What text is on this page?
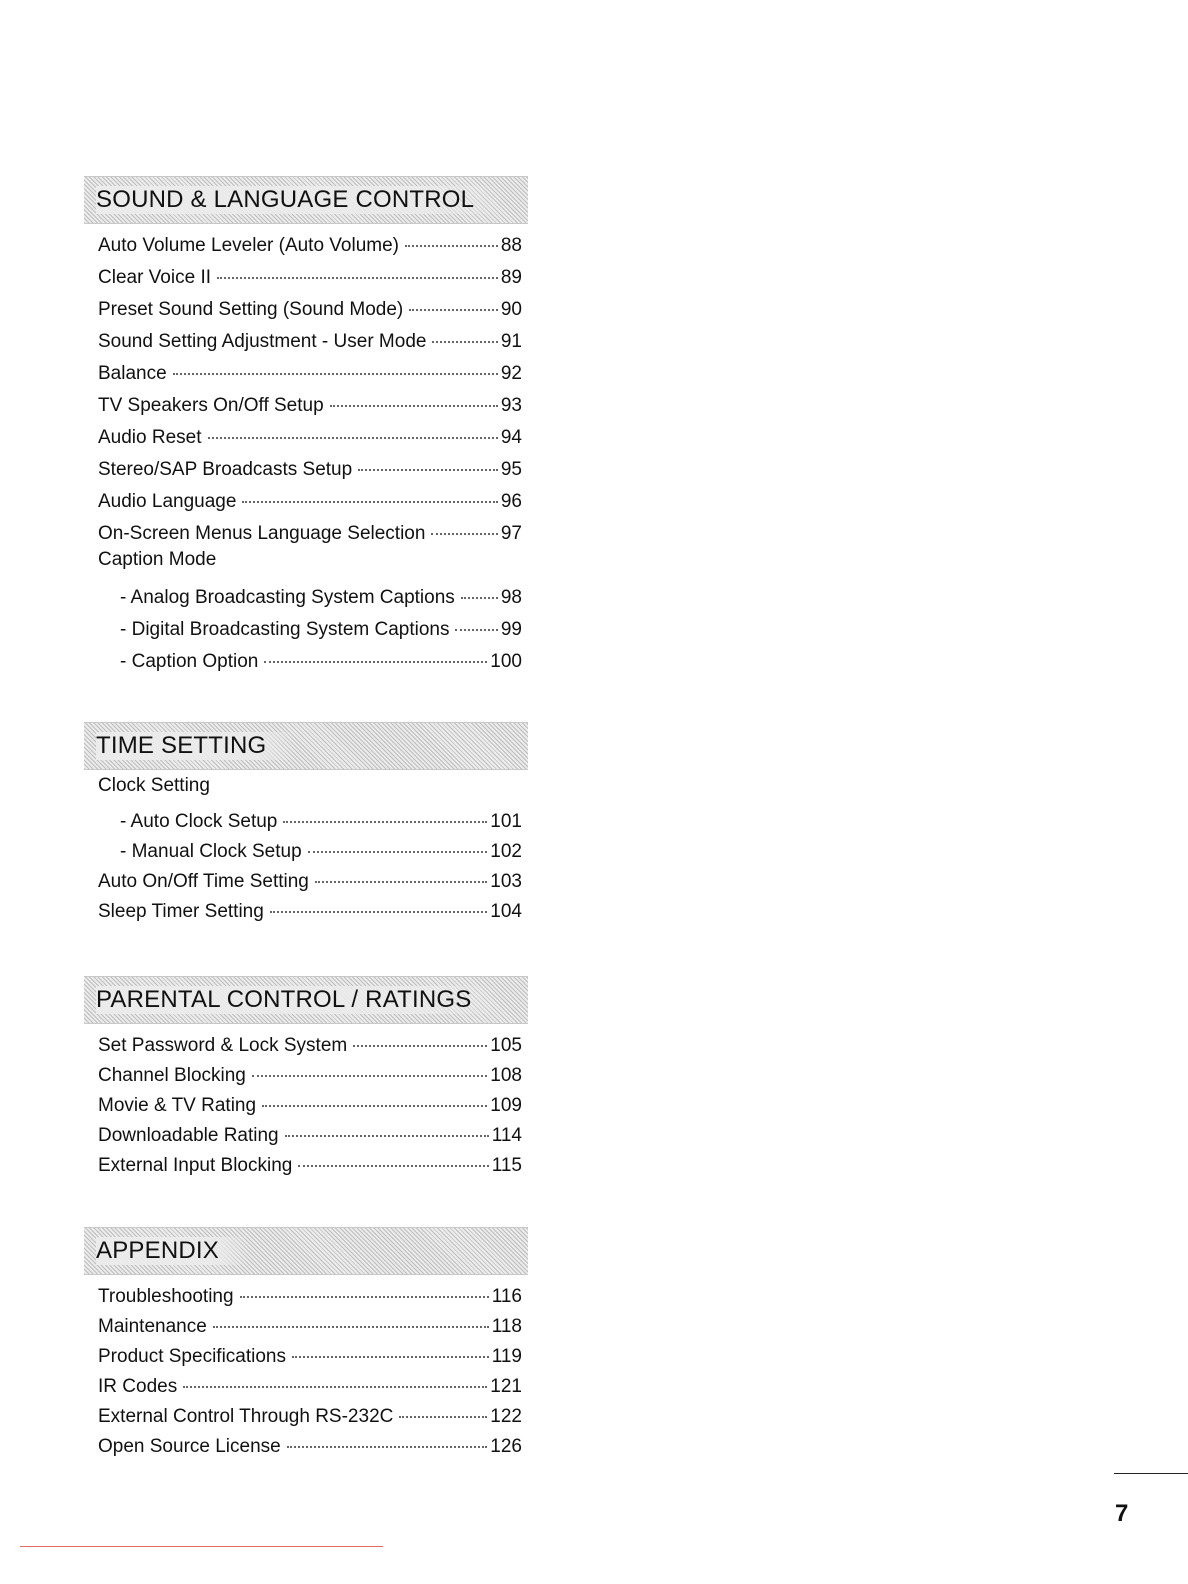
SOUND & LANGUAGE CONTROL
Auto Volume Leveler (Auto Volume)	88
Clear Voice II	89
Preset Sound Setting (Sound Mode)	90
Sound Setting Adjustment - User Mode	91
Balance	92
TV Speakers On/Off Setup	93
Audio Reset	94
Stereo/SAP Broadcasts Setup	95
Audio Language	96
On-Screen Menus Language Selection	97
Caption Mode
- Analog Broadcasting System Captions 98
- Digital Broadcasting System Captions	99
- Caption Option	100
TIME SETTING
Clock Setting
- Auto Clock Setup	101
- Manual Clock Setup	102
Auto On/Off Time Setting	103
Sleep Timer Setting	104
PARENTAL CONTROL / RATINGS
Set Password & Lock System	105
Channel Blocking	108
Movie & TV Rating	109
Downloadable Rating	114
External Input Blocking	115
APPENDIX
Troubleshooting	116
Maintenance	118
Product Specifications	119
IR Codes	121
External Control Through RS-232C	122
Open Source License	126
7
